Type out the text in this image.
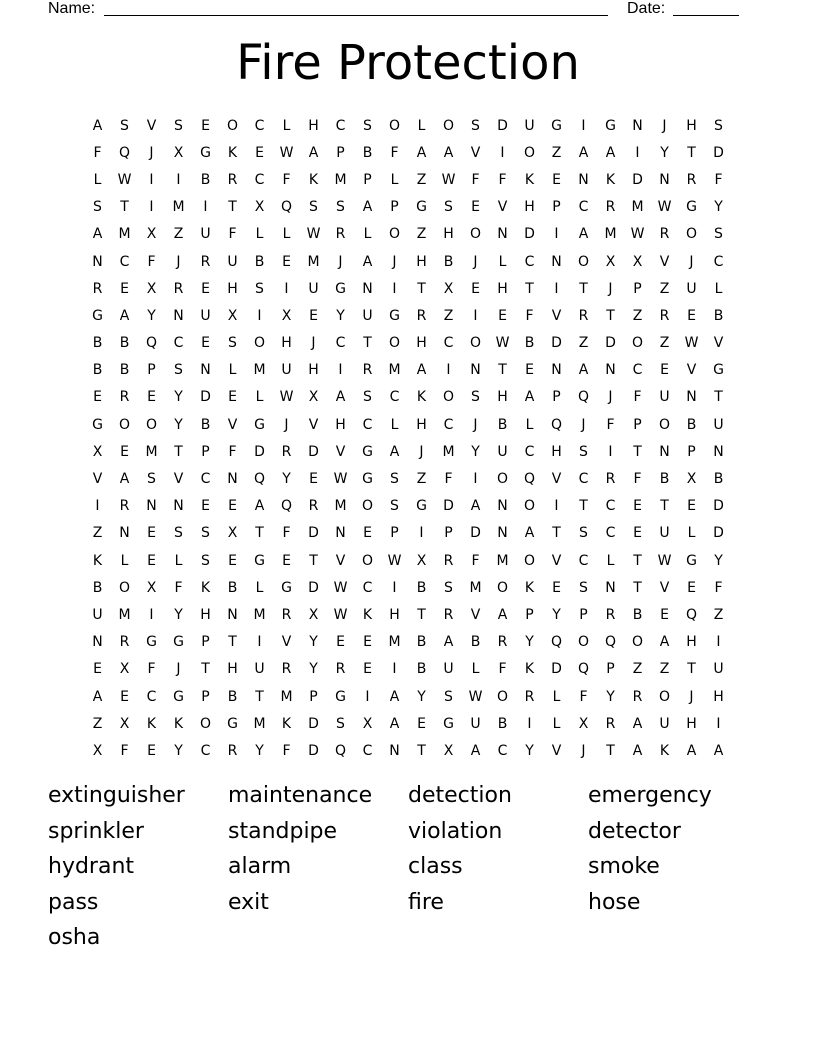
Name:	Date:
Fire Protection
A	S	V	S	E	O	C	L	H	C	S	O	L	O	S	D	U	G	I	G	N	J	H	S
F	Q	J	X	G	K	E	W	A	P	B	F	A	A	V	I	O	Z	A	A	I	Y	T	D
L	W	I	I	B	R	C	F	K	M	P	L	Z	W	F	F	K	E	N	K	D	N	R	F
S	T	I	M	I	T	X	Q	S	S	A	P	G	S	E	V	H	P	C	R	M	W	G	Y
A	M	X	Z	U	F	L	L	W	R	L	O	Z	H	O	N	D	I	A	M	W	R	O	S
N	C	F	J	R	U	B	E	M	J	A	J	H	B	J	L	C	N	O	X	X	V	J	C
R	E	X	R	E	H	S	I	U	G	N	I	T	X	E	H	T	I	T	J	P	Z	U	L
G	A	Y	N	U	X	I	X	E	Y	U	G	R	Z	I	E	F	V	R	T	Z	R	E	B
B	B	Q	C	E	S	O	H	J	C	T	O	H	C	O	W	B	D	Z	D	O	Z	W	V
B	B	P	S	N	L	M	U	H	I	R	M	A	I	N	T	E	N	A	N	C	E	V	G
E	R	E	Y	D	E	L	W	X	A	S	C	K	O	S	H	A	P	Q	J	F	U	N	T
G	O	O	Y	B	V	G	J	V	H	C	L	H	C	J	B	L	Q	J	F	P	O	B	U
X	E	M	T	P	F	D	R	D	V	G	A	J	M	Y	U	C	H	S	I	T	N	P	N
V	A	S	V	C	N	Q	Y	E	W	G	S	Z	F	I	O	Q	V	C	R	F	B	X	B
I	R	N	N	E	E	A	Q	R	M	O	S	G	D	A	N	O	I	T	C	E	T	E	D
Z	N	E	S	S	X	T	F	D	N	E	P	I	P	D	N	A	T	S	C	E	U	L	D
K	L	E	L	S	E	G	E	T	V	O	W	X	R	F	M	O	V	C	L	T	W	G	Y
B	O	X	F	K	B	L	G	D	W	C	I	B	S	M	O	K	E	S	N	T	V	E	F
U	M	I	Y	H	N	M	R	X	W	K	H	T	R	V	A	P	Y	P	R	B	E	Q	Z
N	R	G	G	P	T	I	V	Y	E	E	M	B	A	B	R	Y	Q	O	Q	O	A	H	I
E	X	F	J	T	H	U	R	Y	R	E	I	B	U	L	F	K	D	Q	P	Z	Z	T	U
A	E	C	G	P	B	T	M	P	G	I	A	Y	S	W	O	R	L	F	Y	R	O	J	H
Z	X	K	K	O	G	M	K	D	S	X	A	E	G	U	B	I	L	X	R	A	U	H	I
X	F	E	Y	C	R	Y	F	D	Q	C	N	T	X	A	C	Y	V	J	T	A	K	A	A
extinguisher	maintenance	detection	emergency
sprinkler	standpipe	violation	detector
hydrant	alarm	class	smoke
pass	exit	fire	hose
osha
